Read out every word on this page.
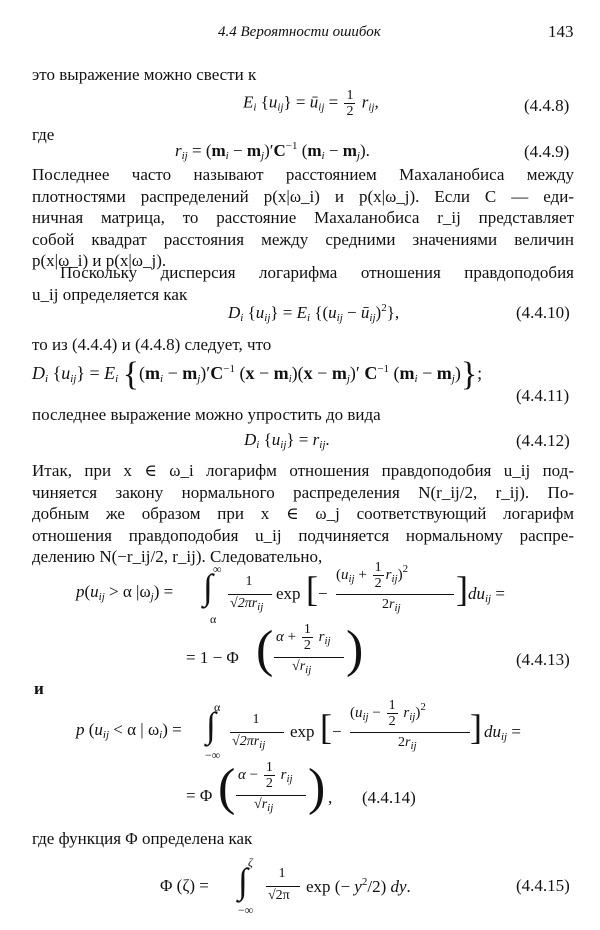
4.4 Вероятности ошибок	143
это выражение можно свести к
$E_i$ $\{u_{ij}\}$ = $ū_{ij} = \frac{1}{2} r_{ij}$,	(4.4.8)
где
$r_{ij} = (m_i - m_j)'C^{-1}$ $(m_i - m_j)$.	(4.4.9)
Последнее часто называют расстоянием Махаланобиса между
плотностями распределений p(x|ω_i) и p(x|ω_j). Если C — еди-
ничная матрица, то расстояние Махаланобиса r_ij представляет
собой квадрат расстояния между средними значениями величин
p(x|ω_i) и p(x|ω_j).
Поскольку дисперсия логарифма отношения правдоподобия
u_ij определяется как
$D_i$ $\{u_{ij}\} = E_i$ {($u_{ij}$ − $ū_{ij})^2$},	(4.4.10)
то из (4.4.4) и (4.4.8) следует, что
$D_i$ $\{u_{ij}\} = E_i$ {$(m_i - m_j)'C^{-1}$ $(x - m_i)(x - m_j)'$ $C^{-1}$ $(m_i - m_j)$};
(4.4.11)
последнее выражение можно упростить до вида
$D_i$ $\{u_{ij}\} = r_{ij}$.	(4.4.12)
Итак, при x ∈ ω_i логарифм отношения правдоподобия u_ij под-
чиняется закону нормального распределения N(r_ij/2, r_ij). По-
добным же образом при x ∈ ω_j соответствующий логарифм
отношения правдоподобия u_ij подчиняется нормальному распре-
делению N(−r_ij/2, r_ij). Следовательно,
$p(u_{ij} > \alpha$ $|\omega_j$) = ∫ ∞
α
1
$√2\pi r_{ij}$
exp [ −
$(u_{ij} + \frac{1}{2} r_{ij})^2$
$2r_{ij}$ ] $du_{ij}$ =
= 1 − Φ ( $\alpha + \frac{1}{2} r_{ij}$
$√r_{ij}$ )	(4.4.13)
и
p ($u_{ij} < \alpha$ | $\omega_i$) = ∫
α
−∞
1
$√2\pi r_{ij}$
exp [ −
$(u_{ij} - \frac{1}{2} r_{ij})^2$
$2r_{ij}$ ] $du_{ij}$ =
= Φ ( $\alpha - \frac{1}{2} r_{ij}$
$√r_{ij}$ ) , (4.4.14)
где функция Φ определена как
Φ (ζ) = ∫ ζ
−∞
1
√2π exp (− $y^2/2$) dy.	(4.4.15)
